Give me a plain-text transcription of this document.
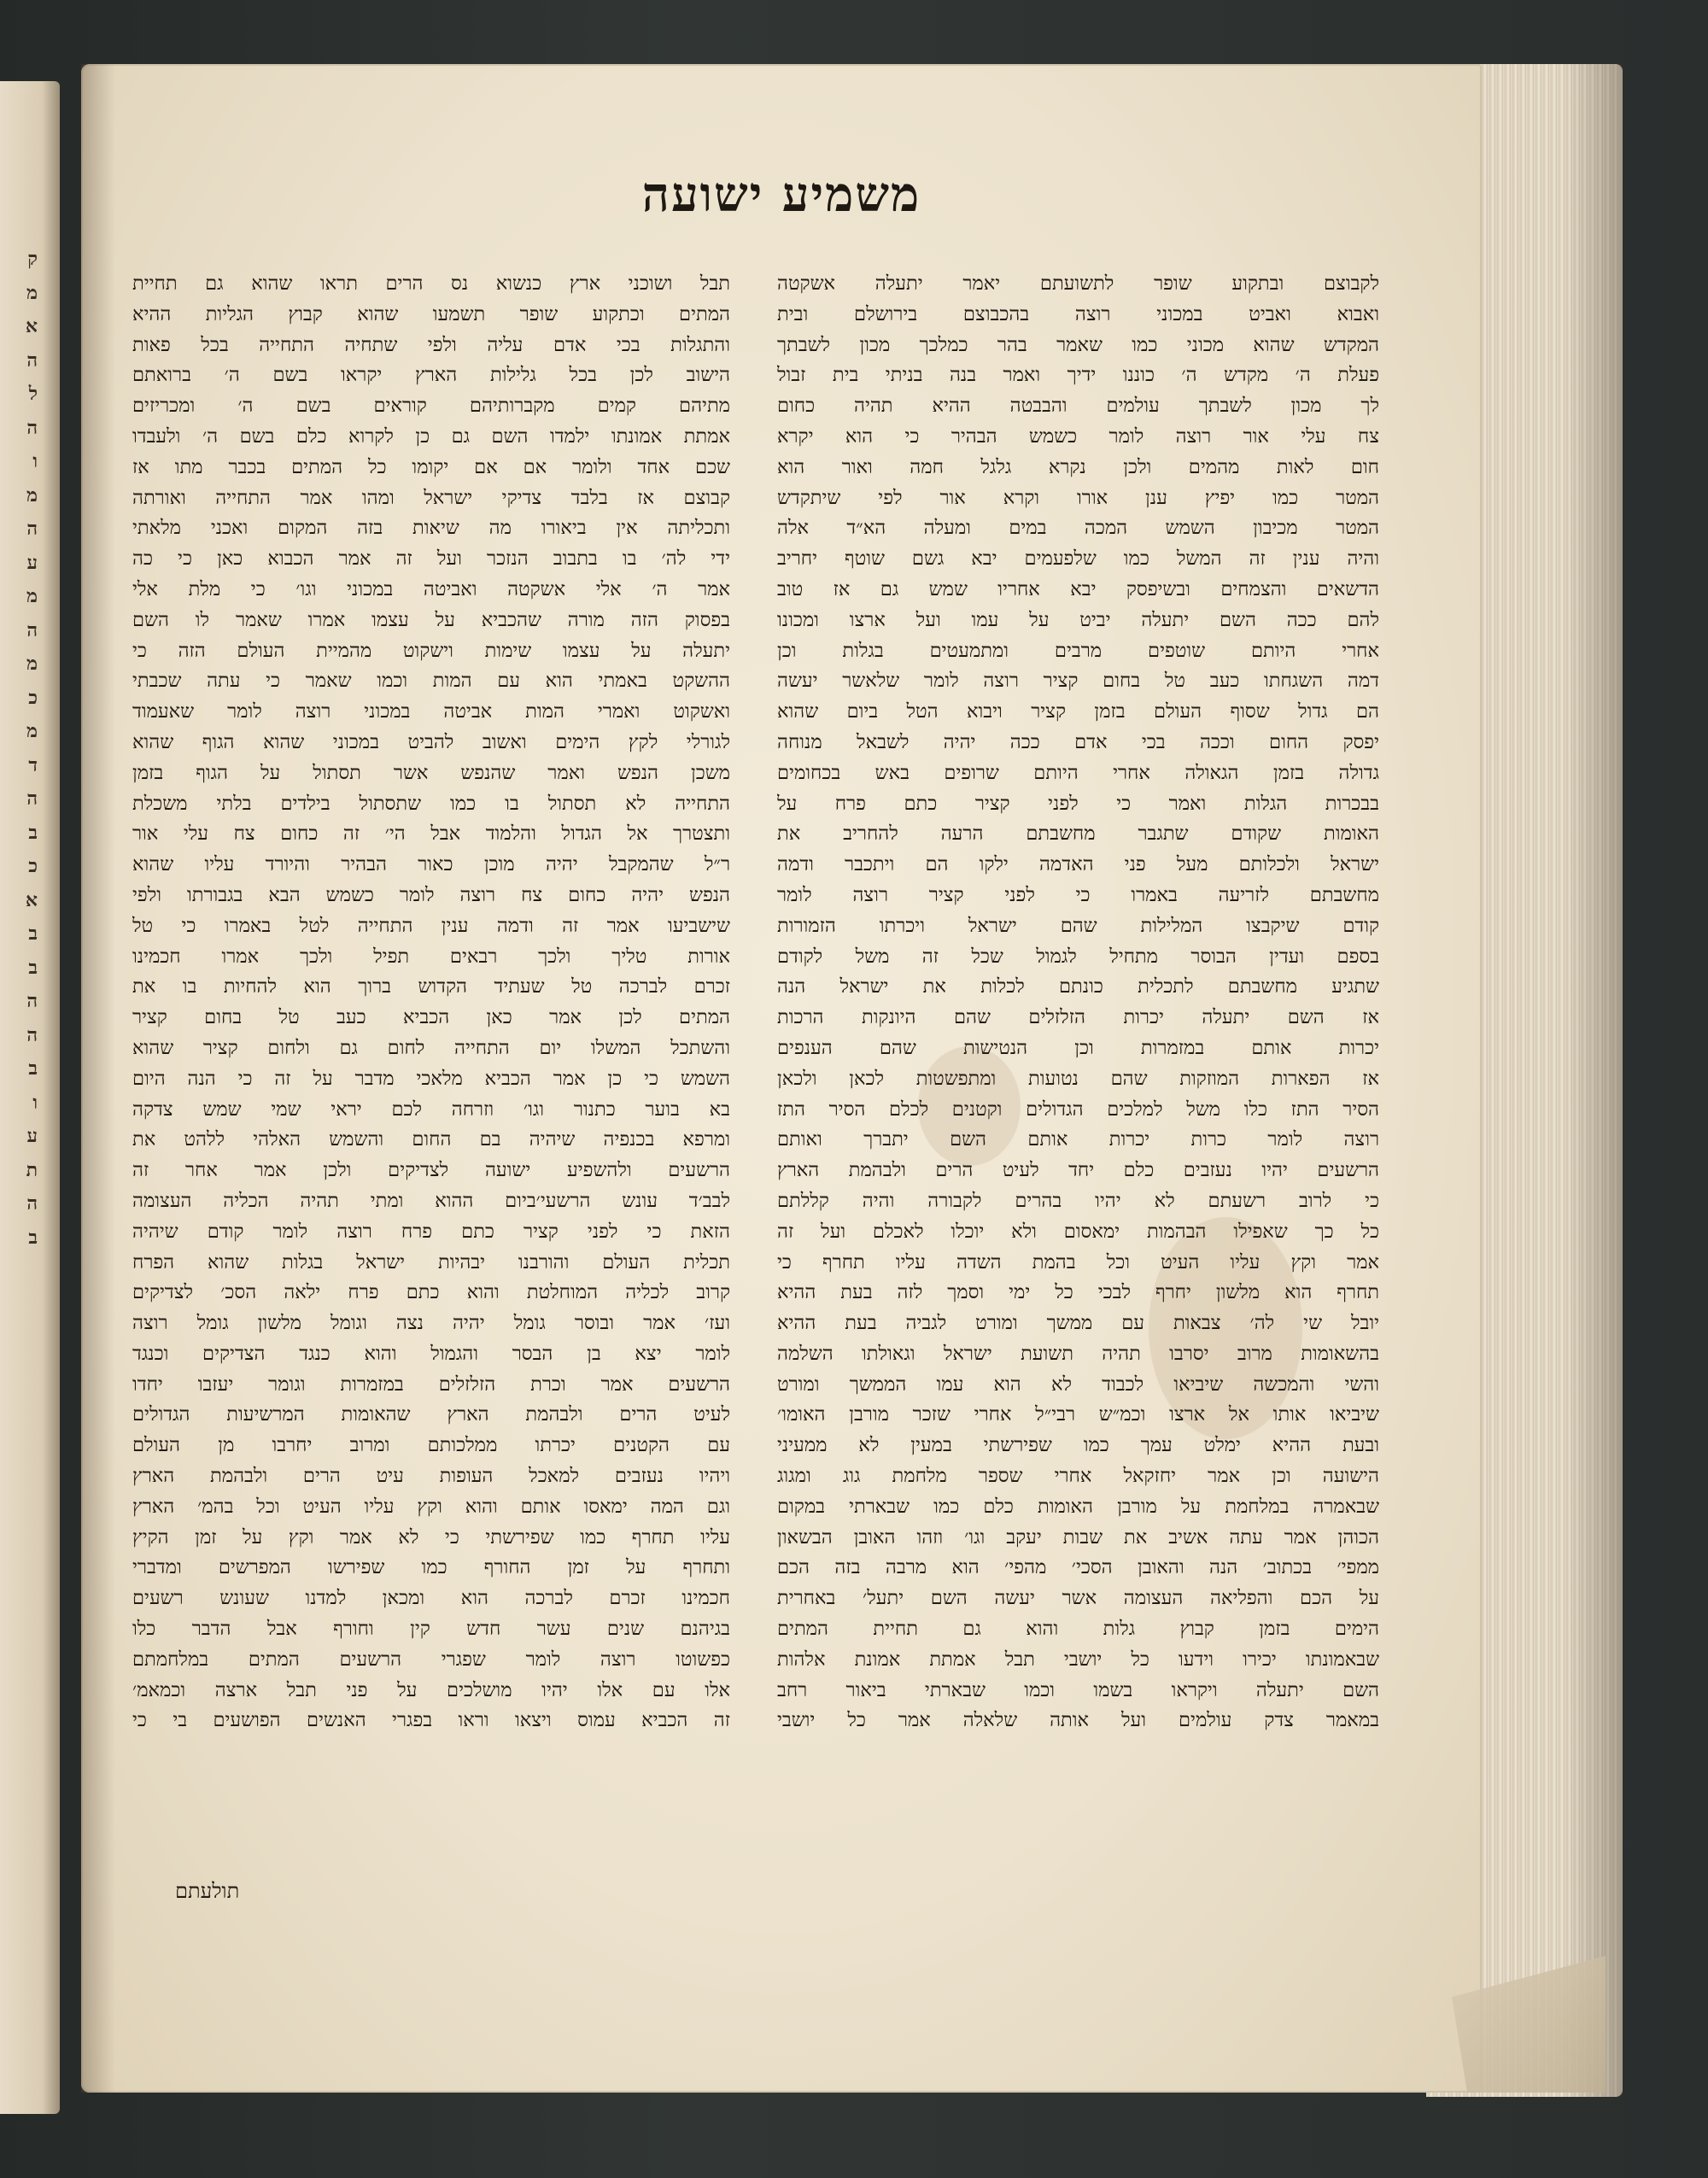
ק
מ
א
ה
ל
ה
ו
מ
ה
ע
מ
ה
מ
כ
מ
ד
ה
ב
כ
א
ב
ב
ה
ה
ב
ו
ע
ת
ה
ב
משמיע ישועה
לקבוצם ובתקוע שופר לתשועתם יאמר יתעלה אשקטה
ואבוא ואביט במכוני רוצה בהכבוצם בירושלם ובית
המקדש שהוא מכוני כמו שאמר בהר כמלכך מכון לשבתך
פעלת ה׳ מקדש ה׳ כוננו ידיך ואמר בנה בניתי בית זבול
לך מכון לשבתך עולמים והבבטה ההיא תהיה כחום
צח עלי אור רוצה לומר כשמש הבהיר כי הוא יקרא
חום לאות מהמים ולכן נקרא גלגל חמה ואור הוא
המטר כמו יפיץ ענן אורו וקרא אור לפי שיתקדש
המטר מכיבון השמש המכה במים ומעלה הא״ד אלה
והיה ענין זה המשל כמו שלפעמים יבא גשם שוטף יחריב
הדשאים והצמחים ובשיפסק יבא אחריו שמש גם אז טוב
להם ככה השם יתעלה יביט על עמו ועל ארצו ומכונו
אחרי היותם שוטפים מרבים ומתמעטים בגלות וכן
דמה השגחתו כעב טל בחום קציר רוצה לומר שלאשר יעשה
הם גדול שסוף העולם בזמן קציר ויבוא הטל ביום שהוא
יפסק החום וככה בכי אדם ככה יהיה לשבאל מנוחה
גדולה בזמן הגאולה אחרי היותם שרופים באש בכחומים
בבכרות הגלות ואמר כי לפני קציר כתם פרח על
האומות שקודם שתגבר מחשבתם הרעה להחריב את
ישראל ולכלותם מעל פני האדמה ילקו הם ויתכבר ודמה
מחשבתם לזריעה באמרו כי לפני קציר רוצה לומר
קודם שיקבצו המלילות שהם ישראל ויכרתו הזמורות
בספם ועדין הבוסר מתחיל לגמול שכל זה משל לקודם
שתגיע מחשבתם לתכלית כונתם לכלות את ישראל הנה
אז השם יתעלה יכרות הזלזלים שהם היונקות הרכות
יכרות אותם במזמרות וכן הנטישות שהם הענפים
אז הפארות המוזקות שהם נטועות ומתפשטות לכאן ולכאן
הסיר התז כלו משל למלכים הגדולים וקטנים לכלם הסיר התז
רוצה לומר כרות יכרות אותם השם יתברך ואותם
הרשעים יהיו נעזבים כלם יחד לעיט הרים ולבהמת הארץ
כי לרוב רשעתם לא יהיו בהרים לקבורה והיה קללתם
כל כך שאפילו הבהמות ימאסום ולא יוכלו לאכלם ועל זה
אמר וקץ עליו העיט וכל בהמת השדה עליו תחרף כי
תחרף הוא מלשון יחרף לבכי כל ימי וסמך לזה בעת ההיא
יובל שי לה׳ צבאות עם ממשך ומורט לגביה בעת ההיא
בהשאומות מרוב יסרבו תהיה תשועת ישראל וגאולתו השלמה
והשי והמכשה שיביאו לכבוד לא הוא עמו הממשך ומורט
שיביאו אותו אל ארצו וכמ״ש רבי״ל אחרי שזכר מורבן האומו׳
ובעת ההיא ימלט עמך כמו שפירשתי במעין לא ממעיני
הישועה וכן אמר יחזקאל אחרי שספר מלחמת גוג ומגוג
שבאמרה במלחמת על מורבן האומות כלם כמו שבארתי במקום
הכוהן אמר עתה אשיב את שבות יעקב וגו׳ וזהו האובן הבשאון
ממפי׳ בכתוב׳ הנה והאובן הסכי׳ מהפי׳ הוא מרבה בזה הכם
על הכם והפליאה העצומה אשר יעשה השם יתעל׳ באחרית
הימים בזמן קבוץ גלות והוא גם תחיית המתים
שבאמונתו יכירו וידעו כל יושבי תבל אמתת אמונת אלהות
השם יתעלה ויקראו בשמו וכמו שבארתי ביאור רחב
במאמר צדק עולמים ועל אותה שלאלה אמר כל יושבי
תבל ושוכני ארץ כנשוא נס הרים תראו שהוא גם תחיית
המתים וכתקוע שופר תשמעו שהוא קבוץ הגליות ההיא
והתגלות בכי אדם עליה ולפי שתחיה התחייה בכל פאות
הישוב לכן בכל גלילות הארץ יקראו בשם ה׳ ברואתם
מתיהם קמים מקברותיהם קוראים בשם ה׳ ומכריזים
אמתת אמונתו ילמדו השם גם כן לקרוא כלם בשם ה׳ ולעבדו
שכם אחד ולומר אם אם יקומו כל המתים בכבר מתו אז
קבוצם אז בלבד צדיקי ישראל ומהו אמר התחייה ואורתה
ותכליתה אין ביאורו מה שיאות בזה המקום ואכני מלאתי
ידי לה׳ בו בתבוב הנזכר ועל זה אמר הכבוא כאן כי כה
אמר ה׳ אלי אשקטה ואביטה במכוני וגו׳ כי מלת אלי
בפסוק הזה מורה שהכביא על עצמו אמרו שאמר לו השם
יתעלה על עצמו שימות וישקוט מהמיית העולם הזה כי
ההשקט באמתי הוא עם המות וכמו שאמר כי עתה שכבתי
ואשקוט ואמרי המות אביטה במכוני רוצה לומר שאעמוד
לגורלי לקץ הימים ואשוב להביט במכוני שהוא הגוף שהוא
משכן הנפש ואמר שהנפש אשר תסתול על הגוף בזמן
התחייה לא תסתול בו כמו שתסתול בילדים בלתי משכלת
ותצטרך אל הגדול והלמוד אבל הי׳ זה כחום צח עלי אור
ר״ל שהמקבל יהיה מוכן כאור הבהיר והיורד עליו שהוא
הנפש יהיה כחום צח רוצה לומר כשמש הבא בגבורתו ולפי
שישביעו אמר זה ודמה ענין התחייה לטל באמרו כי טל
אורות טליך ולכך רבאים תפיל ולכך אמרו חכמינו
זכרם לברכה טל שעתיד הקדוש ברוך הוא להחיות בו את
המתים לכן אמר כאן הכביא כעב טל בחום קציר
והשתכל המשלו יום התחייה לחום גם ולחום קציר שהוא
השמש כי כן אמר הכביא מלאכי מדבר על זה כי הנה היום
בא בוער כתנור וגו׳ וזרחה לכם יראי שמי שמש צדקה
ומרפא בכנפיה שיהיה בם החום והשמש האלהי ללהט את
הרשעים ולהשפיע ישועה לצדיקים ולכן אמר אחר זה
לבב׳ד עונש הרשעי׳ביום ההוא ומתי תהיה הכליה העצומה
הזאת כי לפני קציר כתם פרח רוצה לומר קודם שיהיה
תכלית העולם והורבנו יבהיות ישראל בגלות שהוא הפרח
קרוב לכליה המוחלטת והוא כתם פרח ילאה הסכ׳ לצדיקים
ועז׳ אמר ובוסר גומל יהיה נצה וגומל מלשון גומל רוצה
לומר יצא בן הבסר והגמול והוא כנגד הצדיקים וכנגד
הרשעים אמר וכרת הזלזלים במזמרות וגומר יעזבו יחדו
לעיט הרים ולבהמת הארץ שהאומות המרשיעות הגדולים
עם הקטנים יכרתו ממלכותם ומרוב יחרבו מן העולם
ויהיו נעזבים למאכל העופות עיט הרים ולבהמת הארץ
וגם המה ימאסו אותם והוא וקץ עליו העיט וכל בהמ׳ הארץ
עליו תחרף כמו שפירשתי כי לא אמר וקץ על זמן הקיץ
ותחרף על זמן החורף כמו שפירשו המפרשים ומדברי
חכמינו זכרם לברכה הוא ומכאן למדנו שעונש רשעים
בגיהנם שנים עשר חדש קין וחורף אבל הדבר כלו
כפשוטו רוצה לומר שפגרי הרשעים המתים במלחמתם
אלו עם אלו יהיו מושלכים על פני תבל ארצה וכמאמ׳
זה הכביא עמוס ויצאו וראו בפגרי האנשים הפושעים בי כי
תולעתם
